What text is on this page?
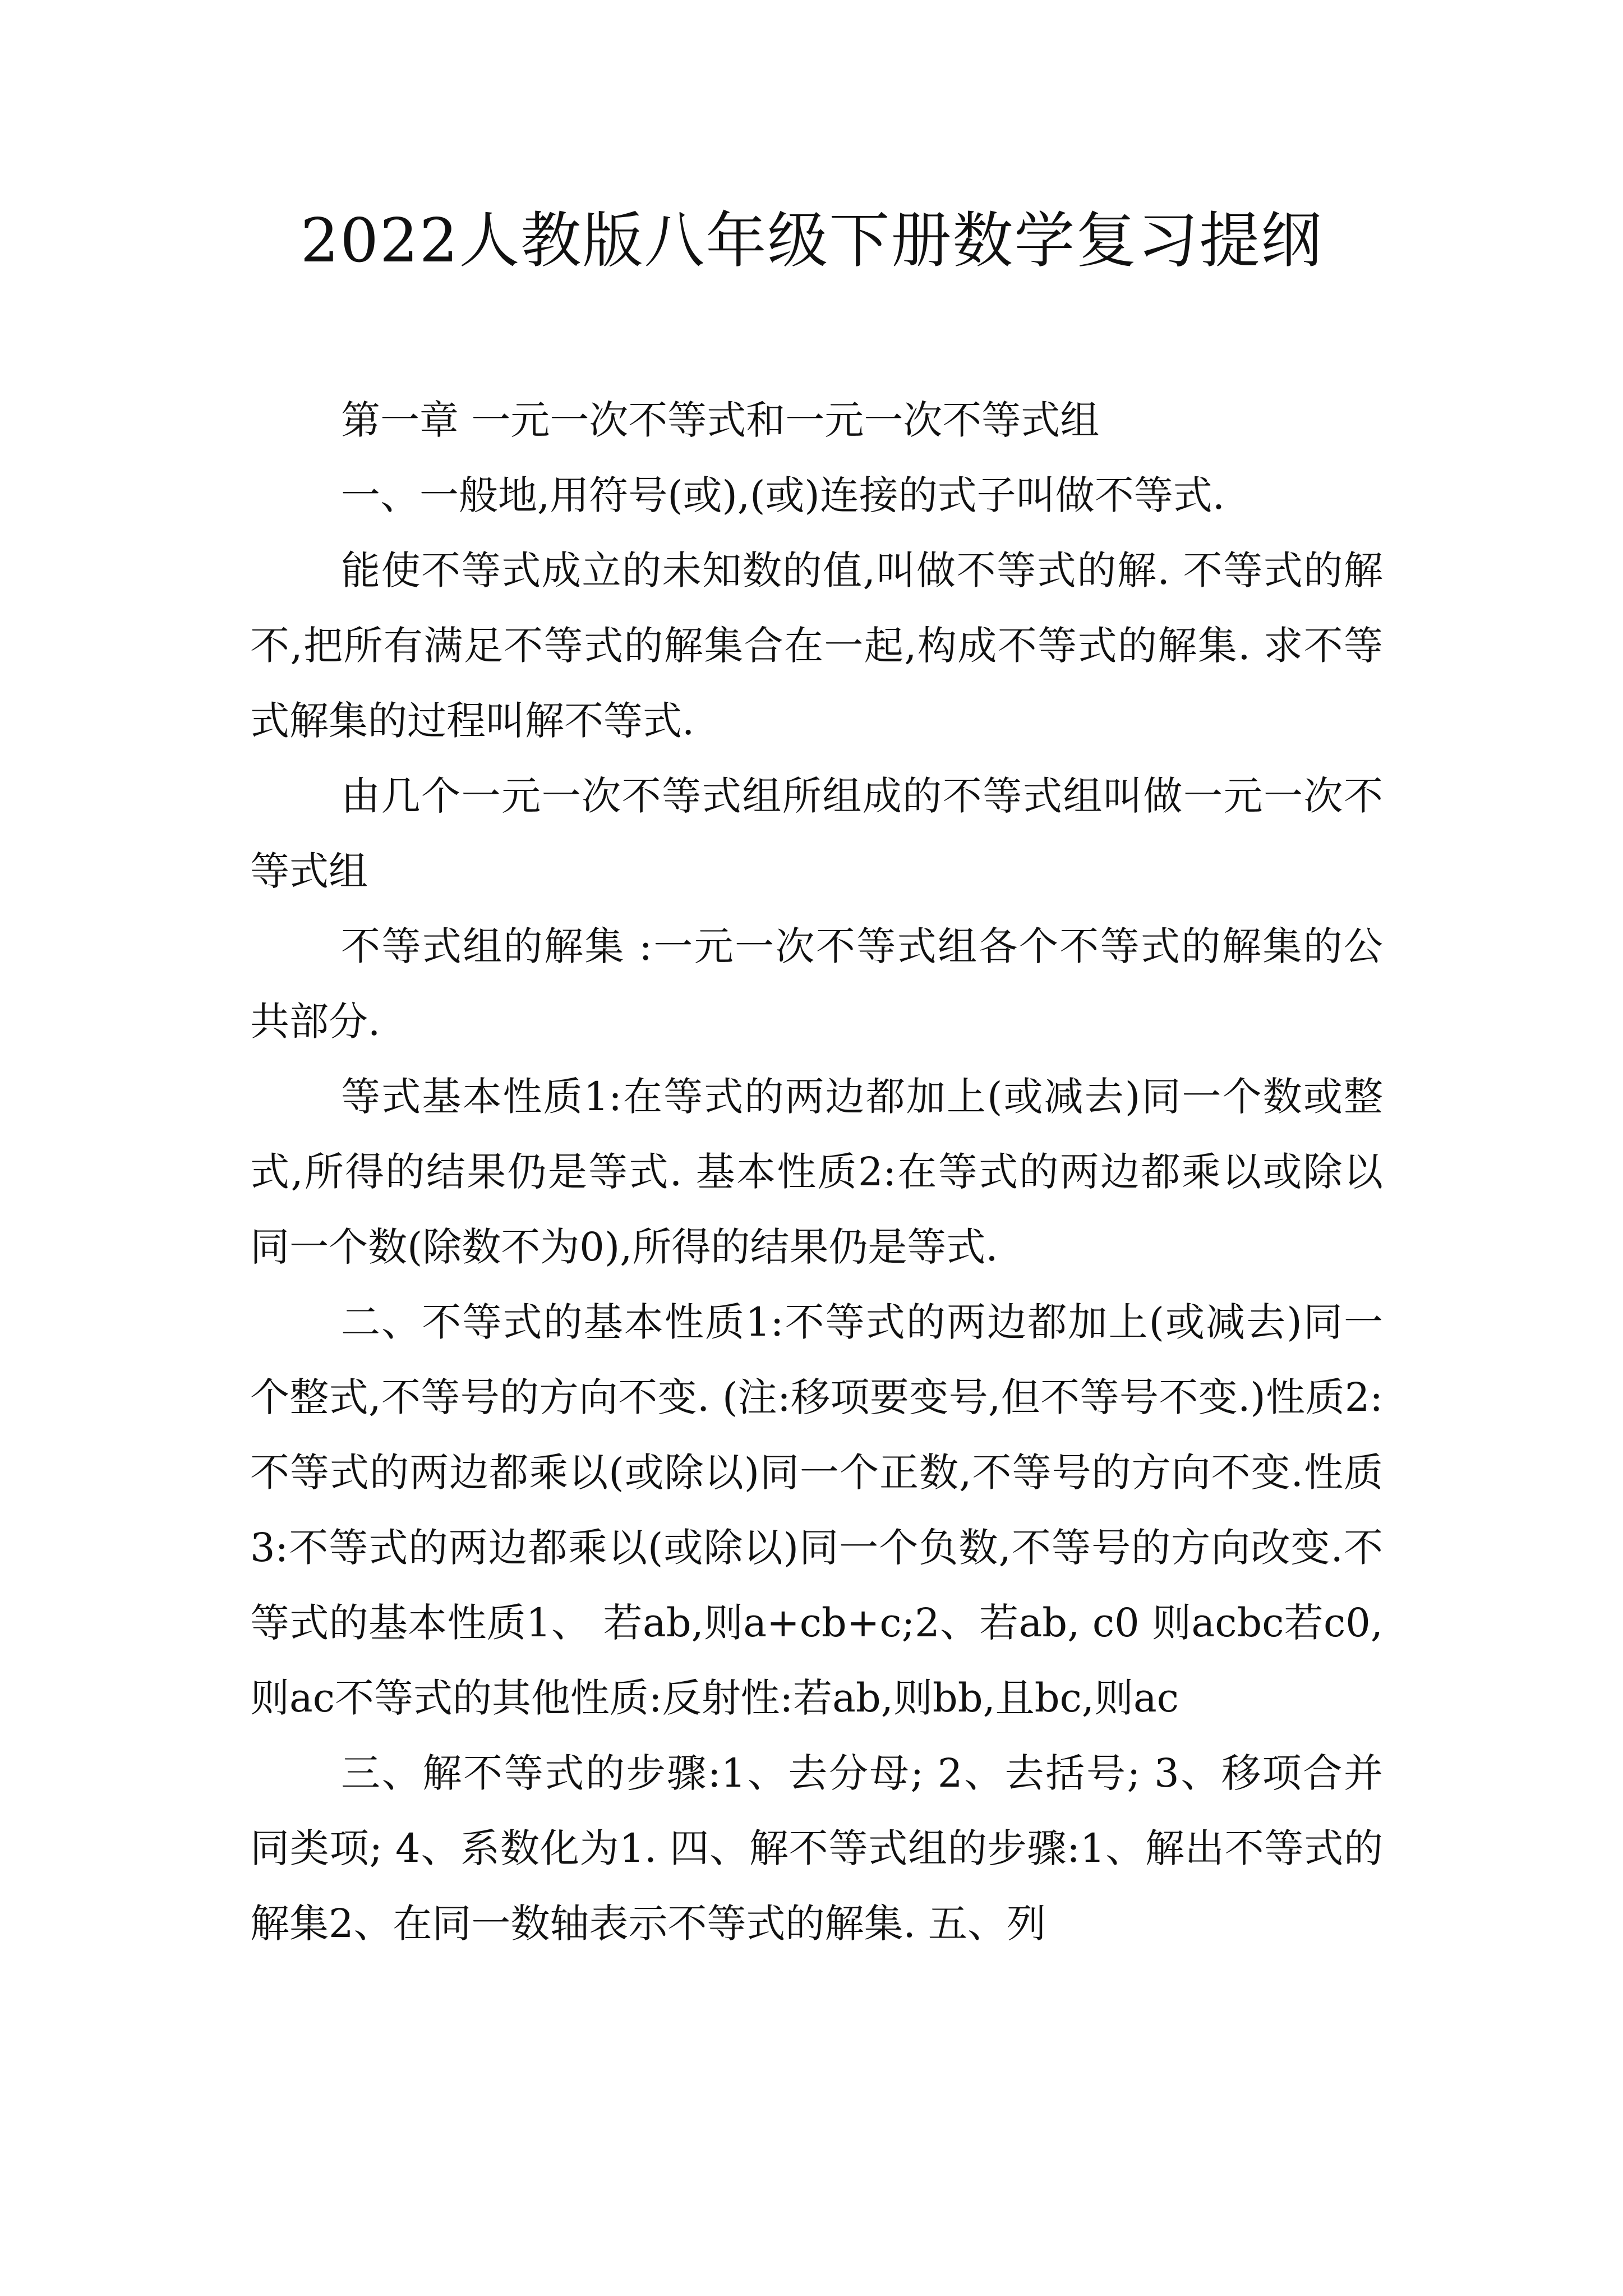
2022人教版八年级下册数学复习提纲

第一章 一元一次不等式和一元一次不等式组

一、一般地,用符号(或),(或)连接的式子叫做不等式.

能使不等式成立的未知数的值,叫做不等式的解. 不等式的解不,把所有满足不等式的解集合在一起,构成不等式的解集. 求不等式解集的过程叫解不等式.

由几个一元一次不等式组所组成的不等式组叫做一元一次不等式组

不等式组的解集 :一元一次不等式组各个不等式的解集的公共部分.

等式基本性质1:在等式的两边都加上(或减去)同一个数或整式,所得的结果仍是等式. 基本性质2:在等式的两边都乘以或除以同一个数(除数不为0),所得的结果仍是等式.

二、不等式的基本性质1:不等式的两边都加上(或减去)同一个整式,不等号的方向不变. (注:移项要变号,但不等号不变.)性质2:不等式的两边都乘以(或除以)同一个正数,不等号的方向不变.性质3:不等式的两边都乘以(或除以)同一个负数,不等号的方向改变.不等式的基本性质1、 若ab,则a+cb+c;2、若ab, c0 则acbc若c0, 则ac不等式的其他性质:反射性:若ab,则bb,且bc,则ac

三、解不等式的步骤:1、去分母; 2、去括号; 3、移项合并同类项; 4、系数化为1. 四、解不等式组的步骤:1、解出不等式的解集2、在同一数轴表示不等式的解集. 五、列
